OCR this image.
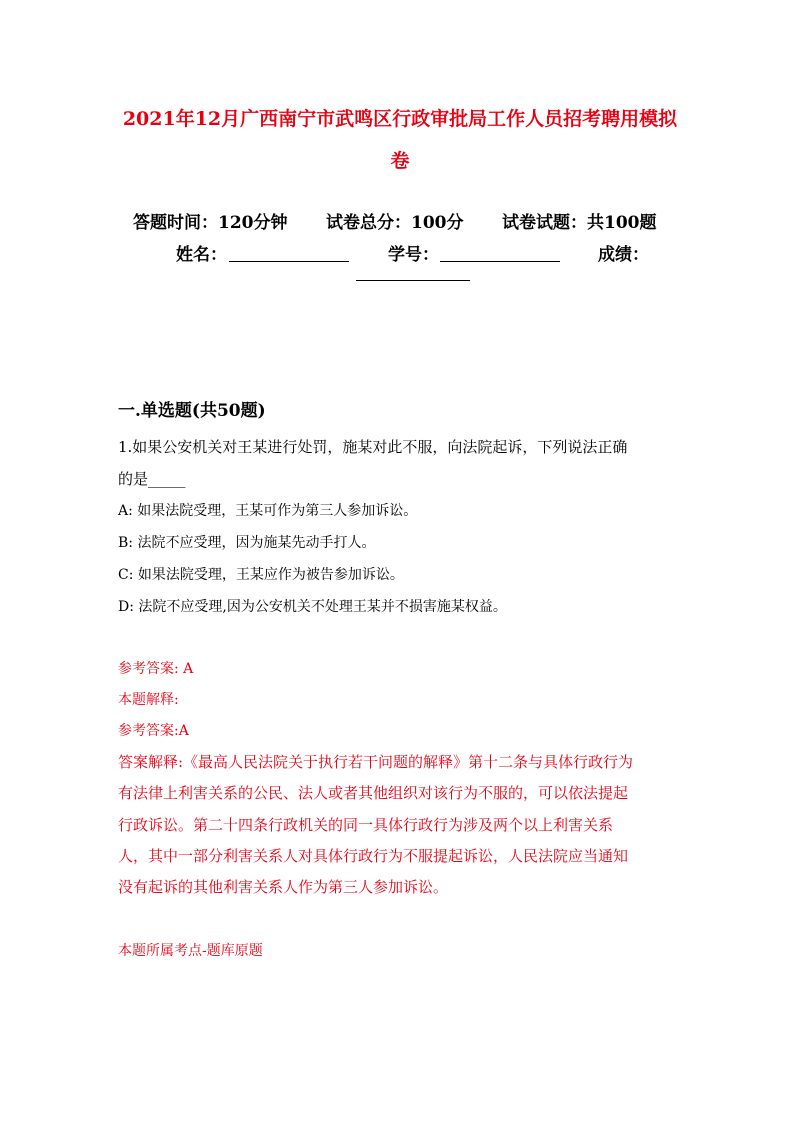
2021年12月广西南宁市武鸣区行政审批局工作人员招考聘用模拟
卷
答题时间：120分钟 试卷总分：100分 试卷试题：共100题
姓名：	学号：	成绩：
一.单选题(共50题)
1.如果公安机关对王某进行处罚，施某对此不服，向法院起诉，下列说法正确
的是_____
A: 如果法院受理，王某可作为第三人参加诉讼。
B: 法院不应受理，因为施某先动手打人。
C: 如果法院受理，王某应作为被告参加诉讼。
D: 法院不应受理,因为公安机关不处理王某并不损害施某权益。
参考答案: A
本题解释:
参考答案:A
答案解释:《最高人民法院关于执行若干问题的解释》第十二条与具体行政行为
有法律上利害关系的公民、法人或者其他组织对该行为不服的，可以依法提起
行政诉讼。第二十四条行政机关的同一具体行政行为涉及两个以上利害关系
人，其中一部分利害关系人对具体行政行为不服提起诉讼，人民法院应当通知
没有起诉的其他利害关系人作为第三人参加诉讼。
本题所属考点-题库原题
